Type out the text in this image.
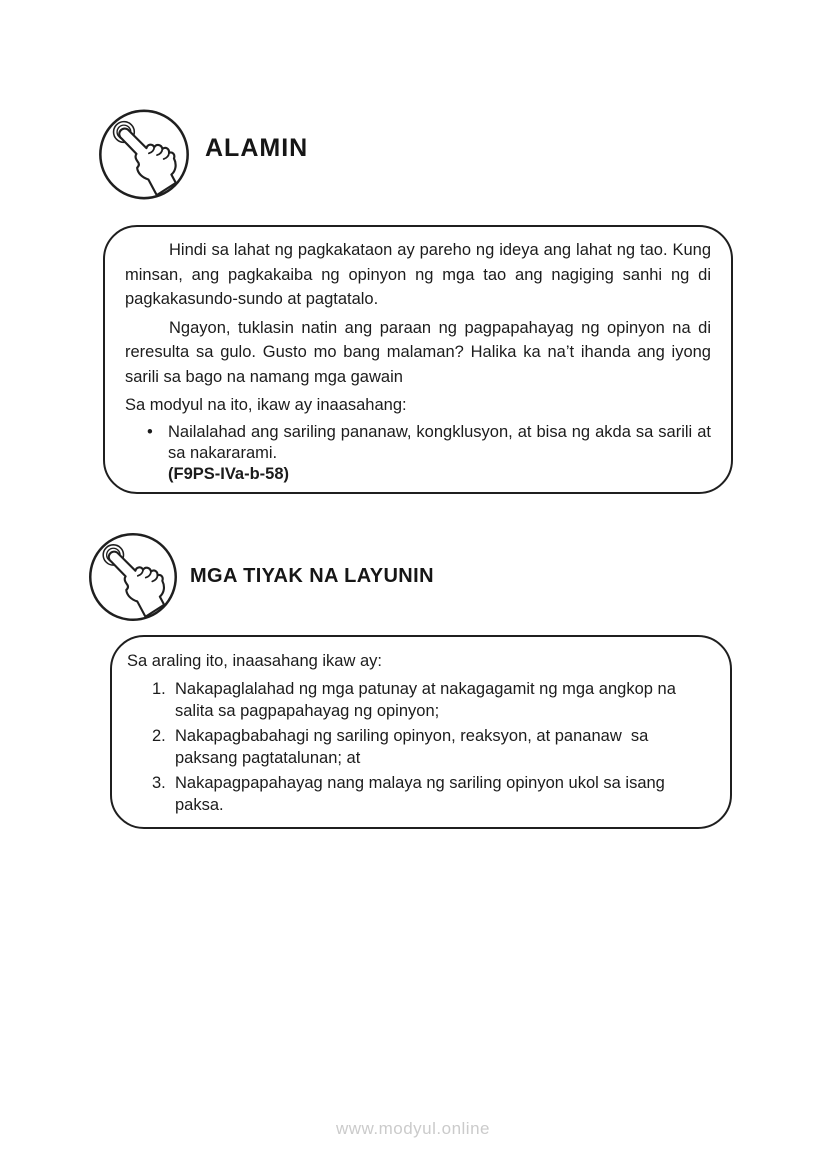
ALAMIN

Hindi sa lahat ng pagkakataon ay pareho ng ideya ang lahat ng tao. Kung minsan, ang pagkakaiba ng opinyon ng mga tao ang nagiging sanhi ng di pagkakasundo-sundo at pagtatalo.

Ngayon, tuklasin natin ang paraan ng pagpapahayag ng opinyon na di reresulta sa gulo. Gusto mo bang malaman? Halika ka na’t ihanda ang iyong sarili sa bago na namang mga gawain

Sa modyul na ito, ikaw ay inaasahang:

• Nailalahad ang sariling pananaw, kongklusyon, at bisa ng akda sa sarili at sa nakararami.
(F9PS-IVa-b-58)
MGA TIYAK NA LAYUNIN

Sa araling ito, inaasahang ikaw ay:

1. Nakapaglalahad ng mga patunay at nakagagamit ng mga angkop na salita sa pagpapahayag ng opinyon;
2. Nakapagbabahagi ng sariling opinyon, reaksyon, at pananaw  sa paksang pagtatalunan; at
3. Nakapagpapahayag nang malaya ng sariling opinyon ukol sa isang paksa.
www.modyul.online
